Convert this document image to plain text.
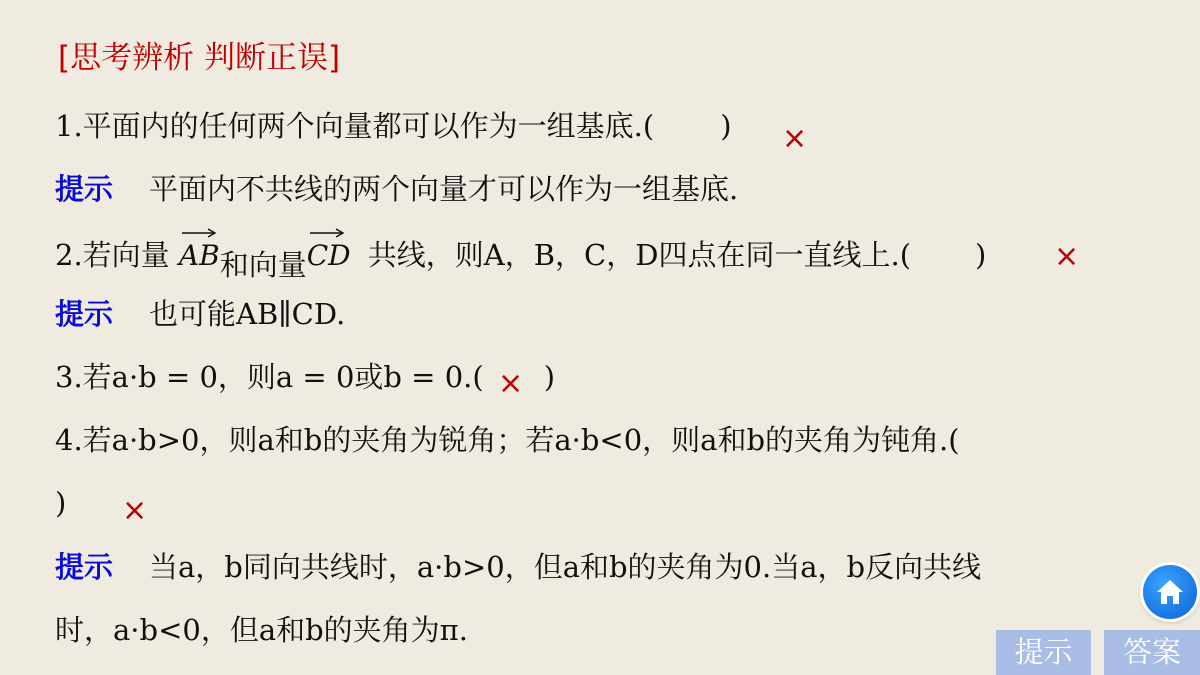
[思考辨析 判断正误]
1.平面内的任何两个向量都可以作为一组基底.( ) ×
提示 平面内不共线的两个向量才可以作为一组基底.
2.若向量 AB和向量
CD 共线，则A，B，C，D四点在同一直线上.( ) ×
提示 也可能AB∥CD.
3.若a·b = 0，则a = 0或b = 0.( )
×
4.若a·b>0，则a和b的夹角为锐角；若a·b<0，则a和b的夹角为钝角.(
) ×
提示 当a，b同向共线时，a·b>0，但a和b的夹角为0.当a，b反向共线
时，a·b<0，但a和b的夹角为π.
提示	答案
